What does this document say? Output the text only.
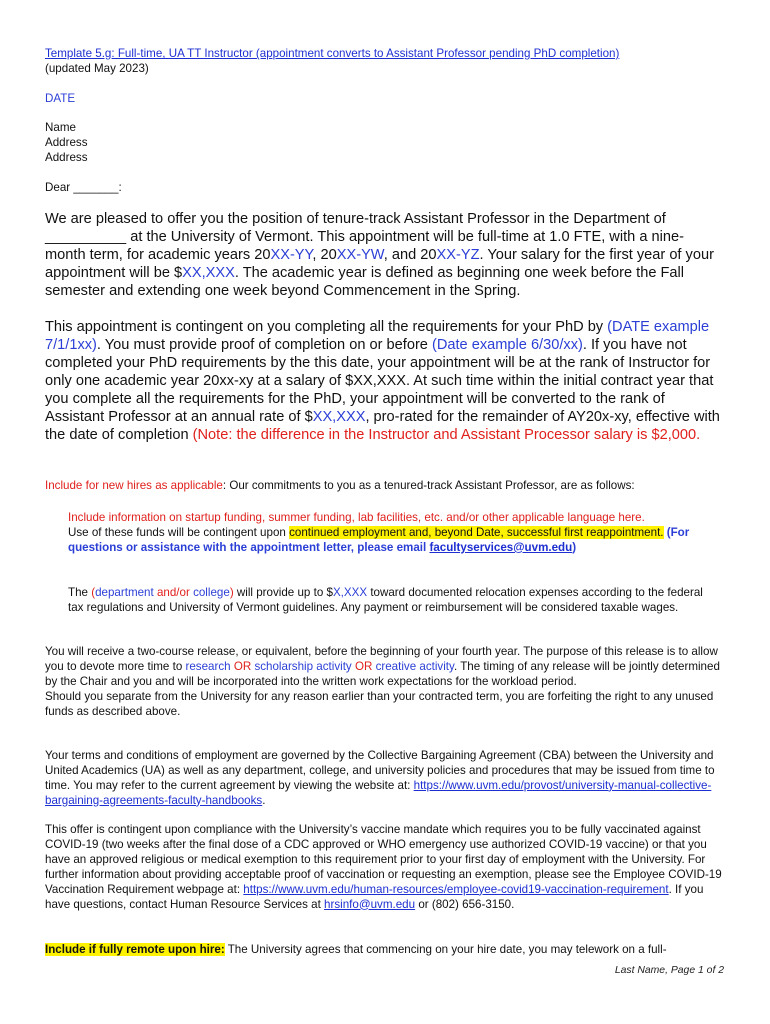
Template 5.g: Full-time, UA TT Instructor (appointment converts to Assistant Professor pending PhD completion)
(updated May 2023)
DATE
Name
Address
Address
Dear _______:
We are pleased to offer you the position of tenure-track Assistant Professor in the Department of __________ at the University of Vermont. This appointment will be full-time at 1.0 FTE, with a nine-month term, for academic years 20XX-YY, 20XX-YW, and 20XX-YZ. Your salary for the first year of your appointment will be $XX,XXX. The academic year is defined as beginning one week before the Fall semester and extending one week beyond Commencement in the Spring.
This appointment is contingent on you completing all the requirements for your PhD by (DATE example 7/1/1xx). You must provide proof of completion on or before (Date example 6/30/xx). If you have not completed your PhD requirements by the this date, your appointment will be at the rank of Instructor for only one academic year 20xx-xy at a salary of $XX,XXX. At such time within the initial contract year that you complete all the requirements for the PhD, your appointment will be converted to the rank of Assistant Professor at an annual rate of $XX,XXX, pro-rated for the remainder of AY20x-xy, effective with the date of completion (Note: the difference in the Instructor and Assistant Processor salary is $2,000.
Include for new hires as applicable: Our commitments to you as a tenured-track Assistant Professor, are as follows:
Include information on startup funding, summer funding, lab facilities, etc. and/or other applicable language here.
Use of these funds will be contingent upon continued employment and, beyond Date, successful first reappointment. (For questions or assistance with the appointment letter, please email facultyservices@uvm.edu)
The (department and/or college) will provide up to $X,XXX toward documented relocation expenses according to the federal tax regulations and University of Vermont guidelines. Any payment or reimbursement will be considered taxable wages.
You will receive a two-course release, or equivalent, before the beginning of your fourth year. The purpose of this release is to allow you to devote more time to research OR scholarship activity OR creative activity. The timing of any release will be jointly determined by the Chair and you and will be incorporated into the written work expectations for the workload period.
Should you separate from the University for any reason earlier than your contracted term, you are forfeiting the right to any unused funds as described above.
Your terms and conditions of employment are governed by the Collective Bargaining Agreement (CBA) between the University and United Academics (UA) as well as any department, college, and university policies and procedures that may be issued from time to time. You may refer to the current agreement by viewing the website at: https://www.uvm.edu/provost/university-manual-collective-bargaining-agreements-faculty-handbooks.
This offer is contingent upon compliance with the University’s vaccine mandate which requires you to be fully vaccinated against COVID-19 (two weeks after the final dose of a CDC approved or WHO emergency use authorized COVID-19 vaccine) or that you have an approved religious or medical exemption to this requirement prior to your first day of employment with the University. For further information about providing acceptable proof of vaccination or requesting an exemption, please see the Employee COVID-19 Vaccination Requirement webpage at: https://www.uvm.edu/human-resources/employee-covid19-vaccination-requirement. If you have questions, contact Human Resource Services at hrsinfo@uvm.edu or (802) 656-3150.
Include if fully remote upon hire: The University agrees that commencing on your hire date, you may telework on a full-
Last Name, Page 1 of 2
